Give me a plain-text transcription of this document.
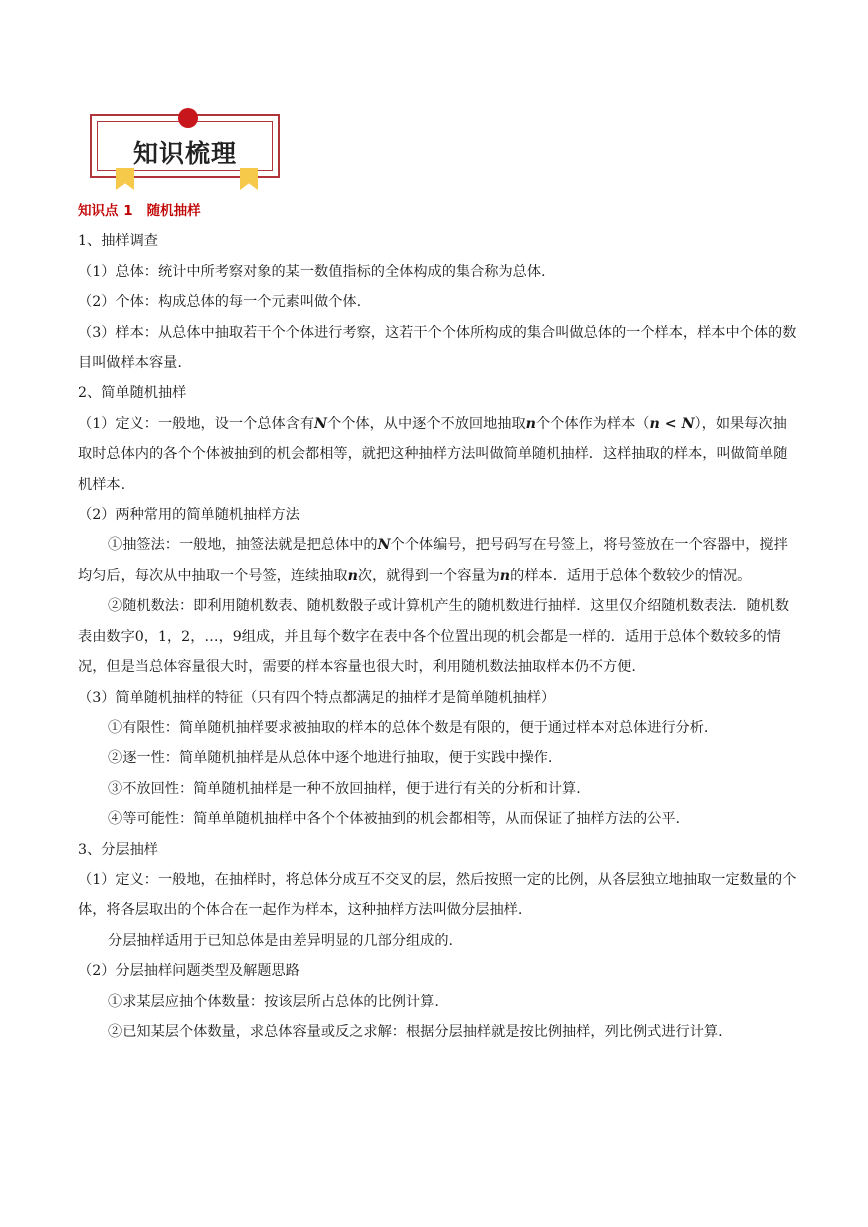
知识梳理

知识点 1 随机抽样

1、抽样调查

（1）总体：统计中所考察对象的某一数值指标的全体构成的集合称为总体.

（2）个体：构成总体的每一个元素叫做个体.

（3）样本：从总体中抽取若干个个体进行考察，这若干个个体所构成的集合叫做总体的一个样本，样本中个体的数目叫做样本容量.

2、简单随机抽样

（1）定义：一般地，设一个总体含有N个个体，从中逐个不放回地抽取n个个体作为样本（n < N），如果每次抽取时总体内的各个个体被抽到的机会都相等，就把这种抽样方法叫做简单随机抽样．这样抽取的样本，叫做简单随机样本.

（2）两种常用的简单随机抽样方法

①抽签法：一般地，抽签法就是把总体中的N个个体编号，把号码写在号签上，将号签放在一个容器中，搅拌均匀后，每次从中抽取一个号签，连续抽取n次，就得到一个容量为n的样本．适用于总体个数较少的情况。

②随机数法：即利用随机数表、随机数骰子或计算机产生的随机数进行抽样．这里仅介绍随机数表法．随机数表由数字0，1，2，…，9组成，并且每个数字在表中各个位置出现的机会都是一样的．适用于总体个数较多的情况，但是当总体容量很大时，需要的样本容量也很大时，利用随机数法抽取样本仍不方便.

（3）简单随机抽样的特征（只有四个特点都满足的抽样才是简单随机抽样）

①有限性：简单随机抽样要求被抽取的样本的总体个数是有限的，便于通过样本对总体进行分析.

②逐一性：简单随机抽样是从总体中逐个地进行抽取，便于实践中操作.

③不放回性：简单随机抽样是一种不放回抽样，便于进行有关的分析和计算.

④等可能性：简单单随机抽样中各个个体被抽到的机会都相等，从而保证了抽样方法的公平.

3、分层抽样

（1）定义：一般地，在抽样时，将总体分成互不交叉的层，然后按照一定的比例，从各层独立地抽取一定数量的个体，将各层取出的个体合在一起作为样本，这种抽样方法叫做分层抽样.

分层抽样适用于已知总体是由差异明显的几部分组成的.

（2）分层抽样问题类型及解题思路

①求某层应抽个体数量：按该层所占总体的比例计算.

②已知某层个体数量，求总体容量或反之求解：根据分层抽样就是按比例抽样，列比例式进行计算.
